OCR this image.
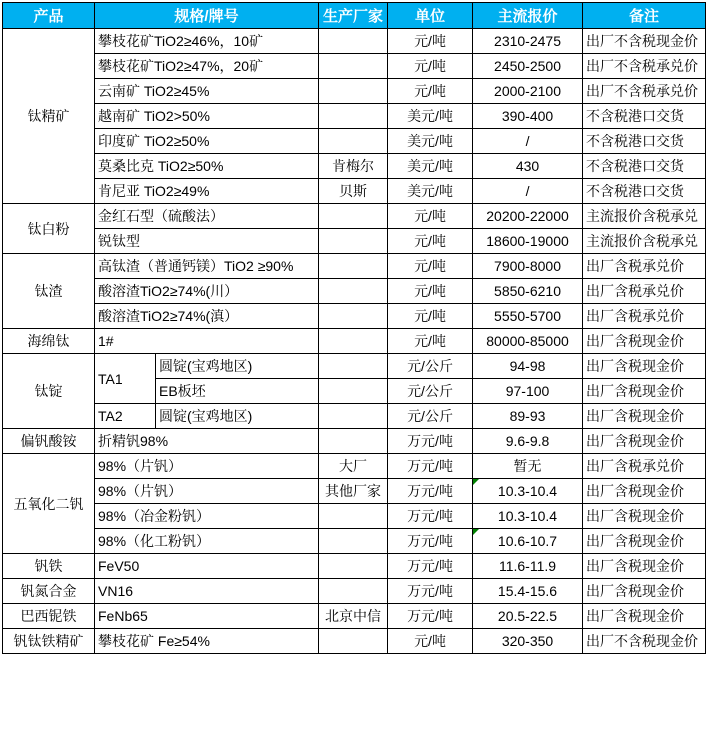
产品	规格/牌号		生产厂家	单位	主流报价	备注
钛精矿	攀枝花矿TiO2≥46%，10矿			元/吨	2310-2475	出厂不含税现金价
	攀枝花矿TiO2≥47%，20矿			元/吨	2450-2500	出厂不含税承兑价
	云南矿 TiO2≥45%			元/吨	2000-2100	出厂不含税承兑价
	越南矿 TiO2>50%			美元/吨	390-400	不含税港口交货
	印度矿 TiO2≥50%			美元/吨	/	不含税港口交货
	莫桑比克 TiO2≥50%		肯梅尔	美元/吨	430	不含税港口交货
	肯尼亚 TiO2≥49%		贝斯	美元/吨	/	不含税港口交货
钛白粉	金红石型（硫酸法）			元/吨	20200-22000	主流报价含税承兑
	锐钛型			元/吨	18600-19000	主流报价含税承兑
钛渣	高钛渣（普通钙镁）TiO2 ≥90%			元/吨	7900-8000	出厂含税承兑价
	酸溶渣TiO2≥74%(川）			元/吨	5850-6210	出厂含税承兑价
	酸溶渣TiO2≥74%(滇）			元/吨	5550-5700	出厂含税承兑价
海绵钛	1#			元/吨	80000-85000	出厂含税现金价
钛锭	TA1	圆锭(宝鸡地区)		元/公斤	94-98	出厂含税现金价
		EB板坯		元/公斤	97-100	出厂含税现金价
	TA2	圆锭(宝鸡地区)		元/公斤	89-93	出厂含税现金价
偏钒酸铵	折精钒98%			万元/吨	9.6-9.8	出厂含税现金价
五氧化二钒	98%（片钒）		大厂	万元/吨	暂无	出厂含税承兑价
	98%（片钒）		其他厂家	万元/吨	10.3-10.4	出厂含税现金价
	98%（冶金粉钒）			万元/吨	10.3-10.4	出厂含税现金价
	98%（化工粉钒）			万元/吨	10.6-10.7	出厂含税现金价
钒铁	FeV50			万元/吨	11.6-11.9	出厂含税现金价
钒氮合金	VN16			万元/吨	15.4-15.6	出厂含税现金价
巴西铌铁	FeNb65		北京中信	万元/吨	20.5-22.5	出厂含税现金价
钒钛铁精矿	攀枝花矿 Fe≥54%			元/吨	320-350	出厂不含税现金价
